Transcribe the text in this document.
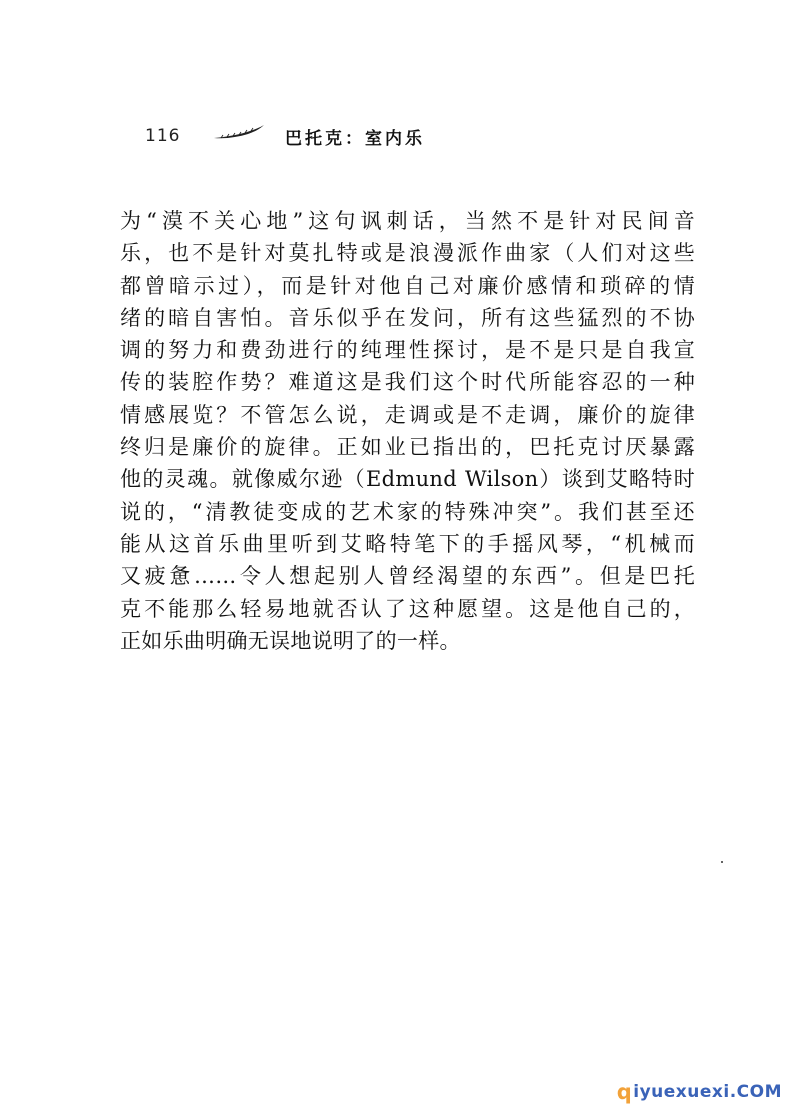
116	巴托克：室内乐
为“漠不关心地”这句讽刺话，当然不是针对民间音
乐，也不是针对莫扎特或是浪漫派作曲家（人们对这些
都曾暗示过），而是针对他自己对廉价感情和琐碎的情
绪的暗自害怕。音乐似乎在发问，所有这些猛烈的不协
调的努力和费劲进行的纯理性探讨，是不是只是自我宣
传的装腔作势？难道这是我们这个时代所能容忍的一种
情感展览？不管怎么说，走调或是不走调，廉价的旋律
终归是廉价的旋律。正如业已指出的，巴托克讨厌暴露
他的灵魂。就像威尔逊（Edmund Wilson）谈到艾略特时
说的，“清教徒变成的艺术家的特殊冲突”。我们甚至还
能从这首乐曲里听到艾略特笔下的手摇风琴，“机械而
又疲惫……令人想起别人曾经渴望的东西”。但是巴托
克不能那么轻易地就否认了这种愿望。这是他自己的，
正如乐曲明确无误地说明了的一样。
q iyuexuexi.COM
